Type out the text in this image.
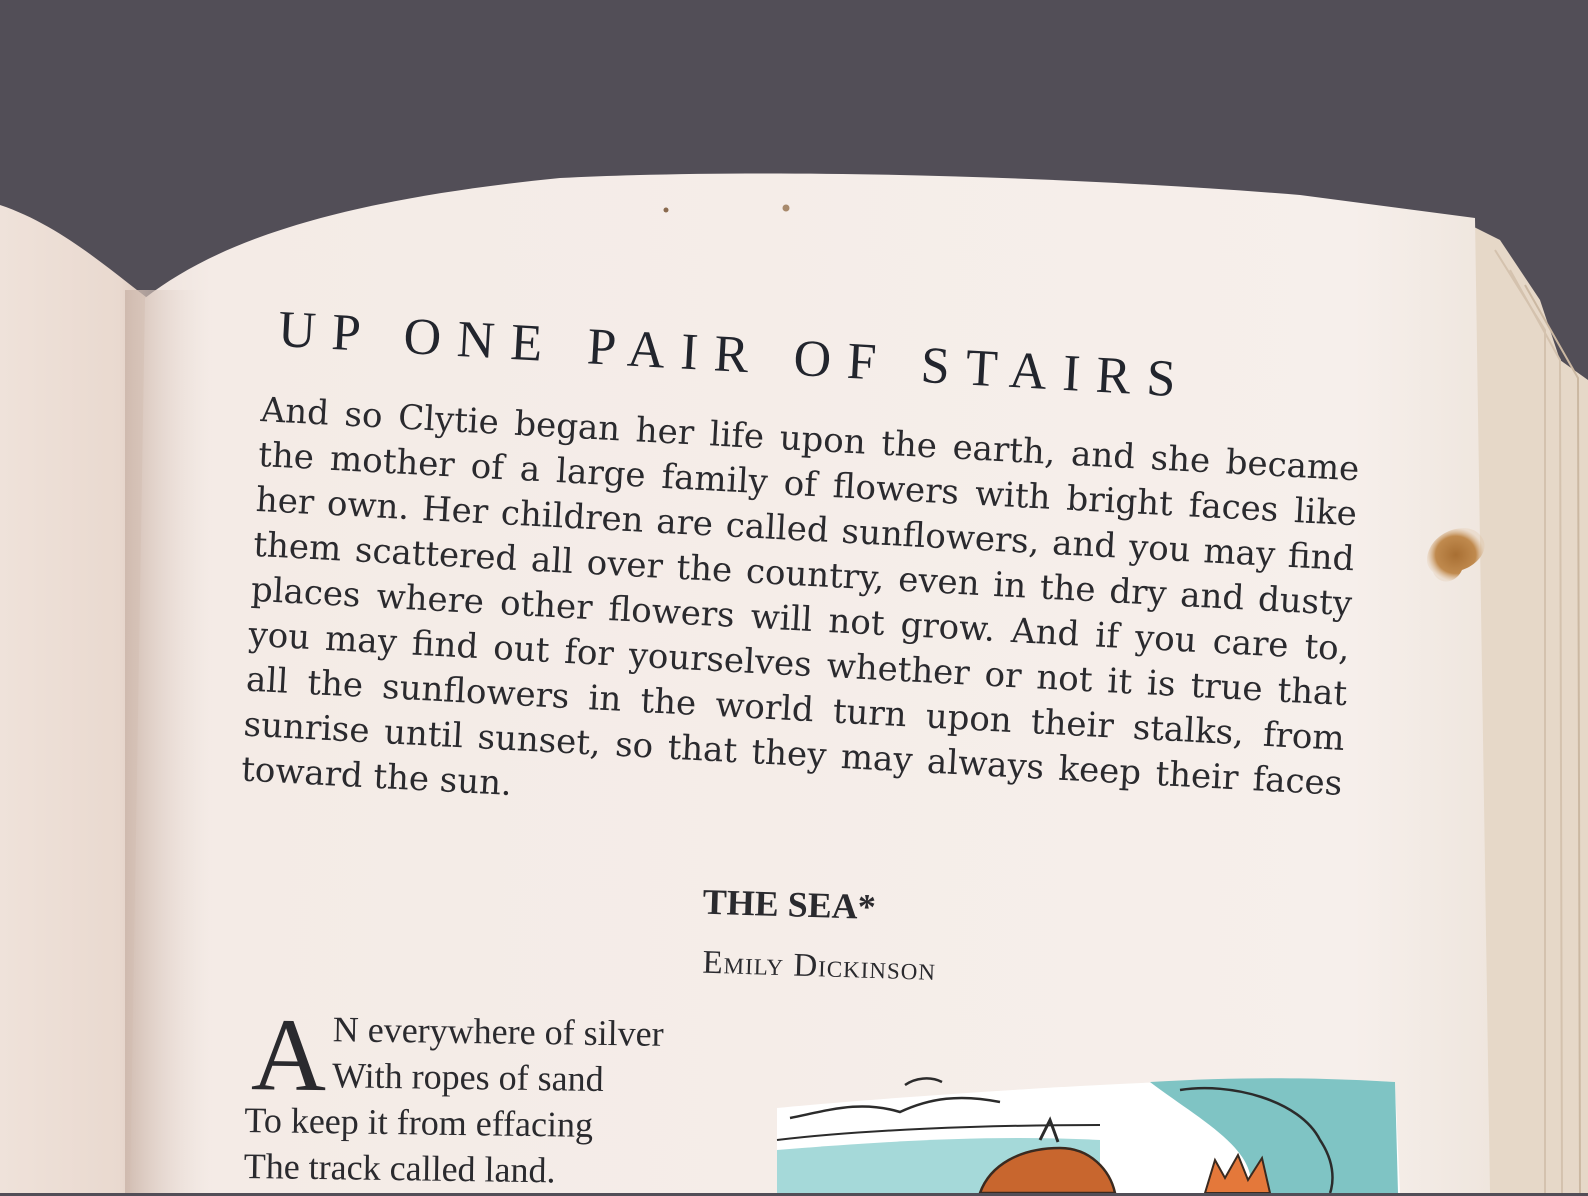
UP ONE PAIR OF STAIRS
And so Clytie began her life upon the earth, and she became the mother of a large family of flowers with bright faces like her own. Her children are called sunflowers, and you may find them scattered all over the country, even in the dry and dusty places where other flowers will not grow. And if you care to, you may find out for yourselves whether or not it is true that all the sunflowers in the world turn upon their stalks, from sunrise until sunset, so that they may always keep their faces toward the sun.
THE SEA*
Emily Dickinson
A N everywhere of silver
With ropes of sand
To keep it from effacing
The track called land.
